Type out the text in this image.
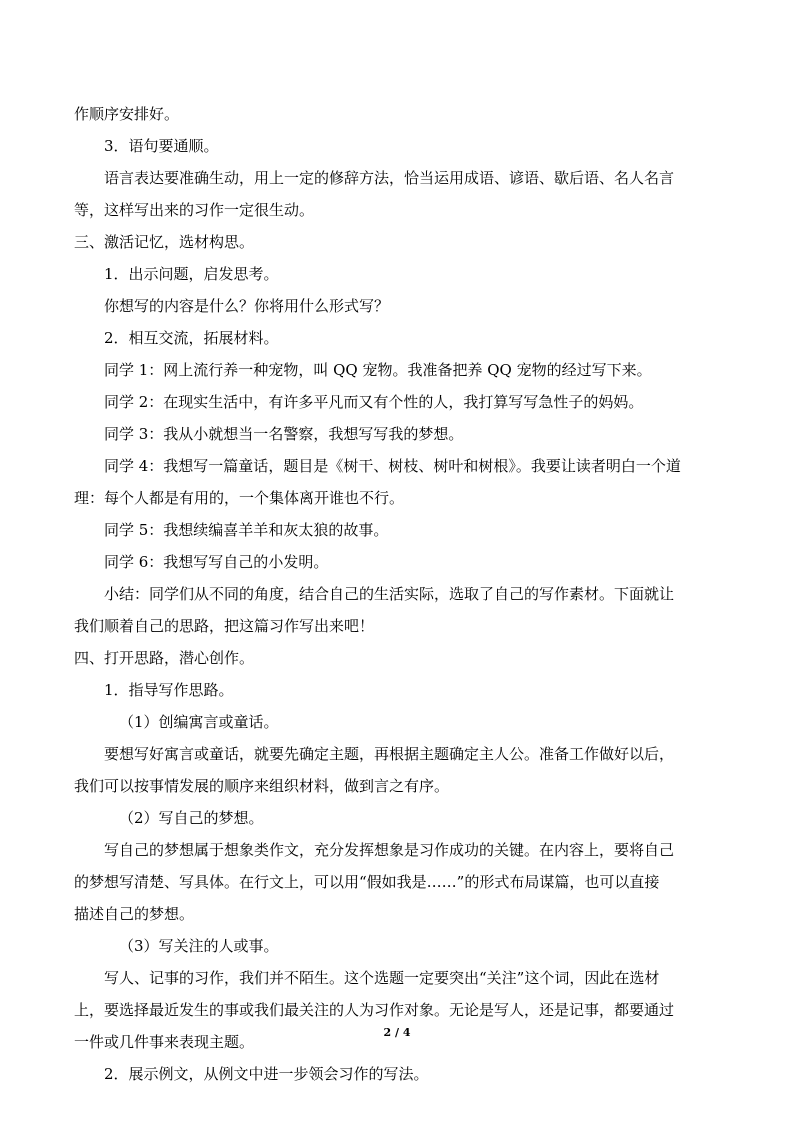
作顺序安排好。
3．语句要通顺。
语言表达要准确生动，用上一定的修辞方法，恰当运用成语、谚语、歇后语、名人名言
等，这样写出来的习作一定很生动。
三、激活记忆，选材构思。
1．出示问题，启发思考。
你想写的内容是什么？你将用什么形式写？
2．相互交流，拓展材料。
同学 1：网上流行养一种宠物，叫 QQ 宠物。我准备把养 QQ 宠物的经过写下来。
同学 2：在现实生活中，有许多平凡而又有个性的人，我打算写写急性子的妈妈。
同学 3：我从小就想当一名警察，我想写写我的梦想。
同学 4：我想写一篇童话，题目是《树干、树枝、树叶和树根》。我要让读者明白一个道
理：每个人都是有用的，一个集体离开谁也不行。
同学 5：我想续编喜羊羊和灰太狼的故事。
同学 6：我想写写自己的小发明。
小结：同学们从不同的角度，结合自己的生活实际，选取了自己的写作素材。下面就让
我们顺着自己的思路，把这篇习作写出来吧！
四、打开思路，潜心创作。
1．指导写作思路。
（1）创编寓言或童话。
要想写好寓言或童话，就要先确定主题，再根据主题确定主人公。准备工作做好以后，
我们可以按事情发展的顺序来组织材料，做到言之有序。
（2）写自己的梦想。
写自己的梦想属于想象类作文，充分发挥想象是习作成功的关键。在内容上，要将自己
的梦想写清楚、写具体。在行文上，可以用“假如我是……”的形式布局谋篇，也可以直接
描述自己的梦想。
（3）写关注的人或事。
写人、记事的习作，我们并不陌生。这个选题一定要突出“关注”这个词，因此在选材
上，要选择最近发生的事或我们最关注的人为习作对象。无论是写人，还是记事，都要通过
一件或几件事来表现主题。
2．展示例文，从例文中进一步领会习作的写法。
2 / 4
